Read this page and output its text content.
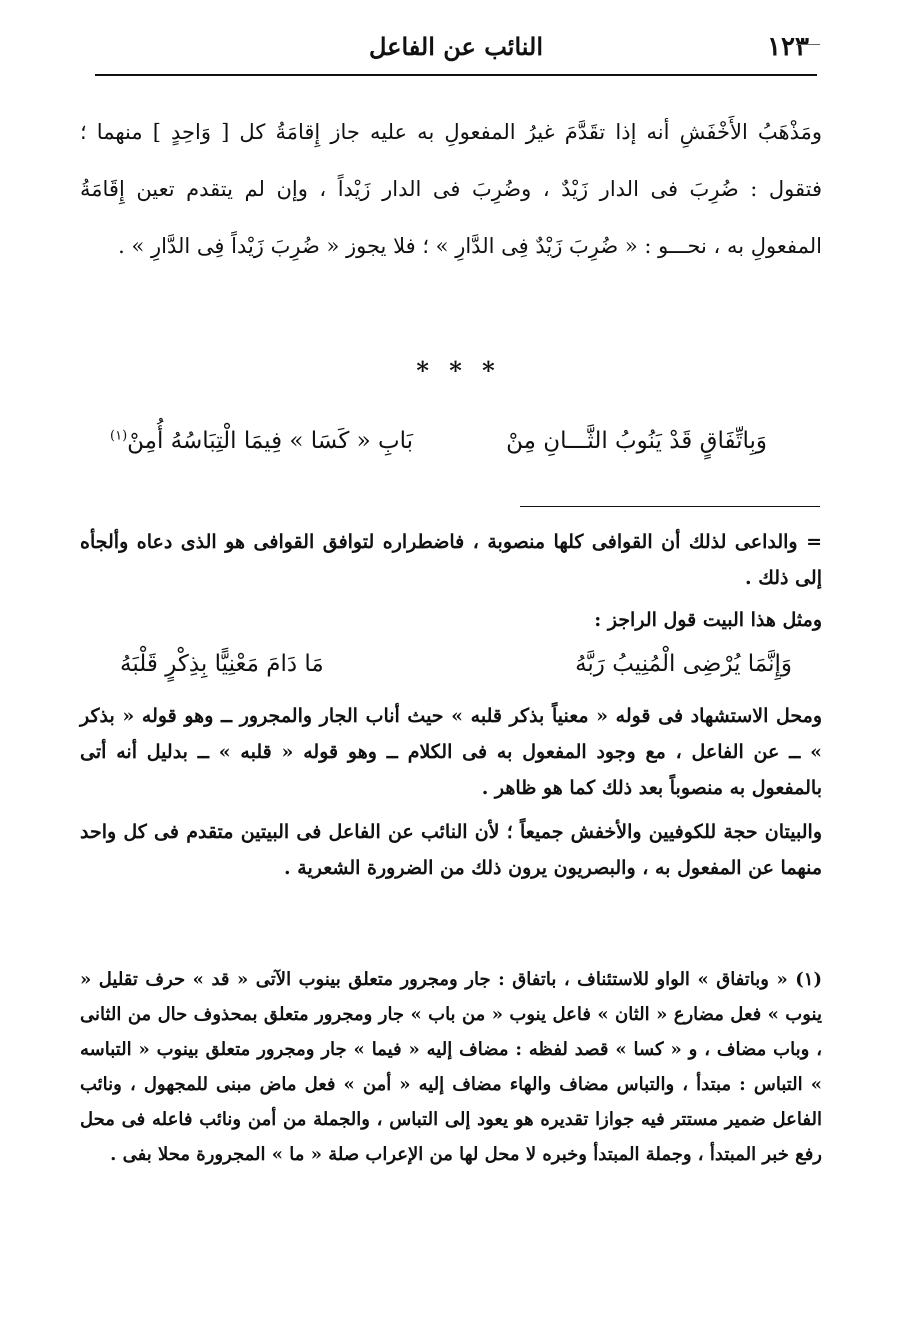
١٢٣
النائب عن الفاعل
ومَذْهَبُ الأَخْفَشِ أنه إذا تقَدَّمَ غيرُ المفعولِ به عليه جاز إِقامَةُ كل [ وَاحِدٍ ] منهما ؛ فتقول : ضُرِبَ فى الدار زَيْدٌ ، وضُرِبَ فى الدار زَيْداً ، وإن لم يتقدم تعين إِقَامَةُ المفعولِ به ، نحـــو : « ضُرِبَ زَيْدٌ فِى الدَّارِ » ؛ فلا يجوز « ضُرِبَ زَيْداً فِى الدَّارِ » .
* * *
وَبِاتِّفَاقٍ قَدْ يَنُوبُ الثَّـــانِ مِنْ
بَابِ « كَسَا » فِيمَا الْتِبَاسُهُ أُمِنْ$^{(١)}$

= والداعى لذلك أن القوافى كلها منصوبة ، فاضطراره لتوافق القوافى هو الذى دعاه وألجأه إلى ذلك .

ومثل هذا البيت قول الراجز :

وَإِنَّمَا يُرْضِى الْمُنِيبُ رَبَّهُ
مَا دَامَ مَعْنِيًّا بِذِكْرٍ قَلْبَهُ

ومحل الاستشهاد فى قوله « معنياً بذكر قلبه » حيث أناب الجار والمجرور ــ وهو قوله « بذكر » ــ عن الفاعل ، مع وجود المفعول به فى الكلام ــ وهو قوله « قلبه » ــ بدليل أنه أتى بالمفعول به منصوباً بعد ذلك كما هو ظاهر .

والبيتان حجة للكوفيين والأخفش جميعاً ؛ لأن النائب عن الفاعل فى البيتين متقدم فى كل واحد منهما عن المفعول به ، والبصريون يرون ذلك من الضرورة الشعرية .

(١) « وباتفاق » الواو للاستئناف ، باتفاق : جار ومجرور متعلق بينوب الآتى « قد » حرف تقليل « ينوب » فعل مضارع « الثان » فاعل ينوب « من باب » جار ومجرور متعلق بمحذوف حال من الثانى ، وباب مضاف ، و « كسا » قصد لفظه : مضاف إليه « فيما » جار ومجرور متعلق بينوب « التباسه » التباس : مبتدأ ، والتباس مضاف والهاء مضاف إليه « أمن » فعل ماض مبنى للمجهول ، ونائب الفاعل ضمير مستتر فيه جوازا تقديره هو يعود إلى التباس ، والجملة من أمن ونائب فاعله فى محل رفع خبر المبتدأ ، وجملة المبتدأ وخبره لا محل لها من الإعراب صلة « ما » المجرورة محلا بفى .
